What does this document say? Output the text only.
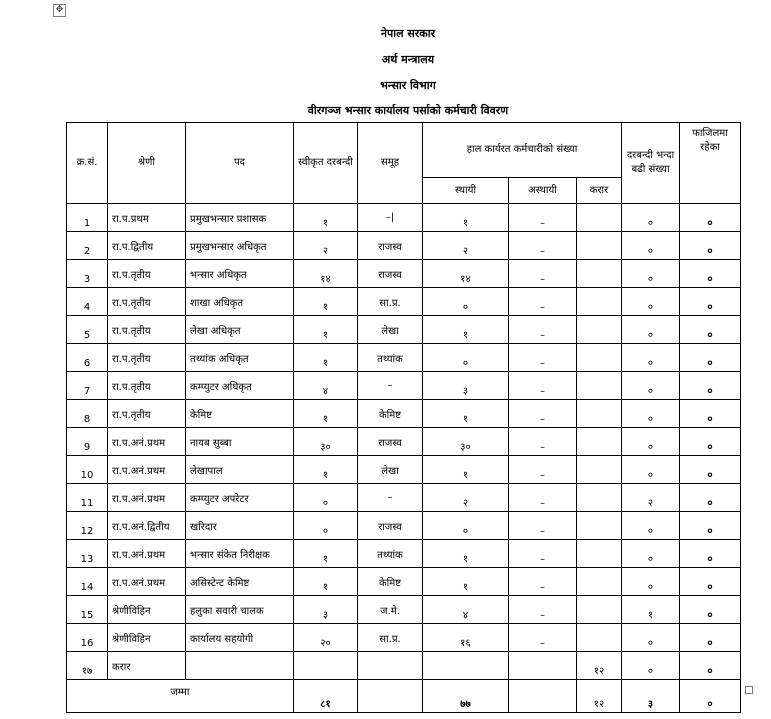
✥
नेपाल सरकार
अर्थ मन्त्रालय
भन्सार विभाग
वीरगञ्ज भन्सार कार्यालय पर्साको कर्मचारी विवरण
क्र.सं.	श्रेणी	पद	स्वीकृत दरबन्दी	समूह	हाल कार्यरत कर्मचारीको संख्या			दरबन्दी भन्दा बढी संख्या	फाजिलमा रहेका
					स्थायी	अस्थायी	करार		
1	रा.प.प्रथम	प्रमुखभन्सार प्रशासक	१	–|	१	–		०	०
2	रा.प.द्वितीय	प्रमुखभन्सार अधिकृत	२	राजस्व	२	–		०	०
3	रा.प.तृतीय	भन्सार अधिकृत	१४	राजस्व	१४	–		०	०
4	रा.प.तृतीय	शाखा अधिकृत	१	सा.प्र.	०	–		०	०
5	रा.प.तृतीय	लेखा अधिकृत	१	लेखा	१	–		०	०
6	रा.प.तृतीय	तथ्यांक अधिकृत	१	तथ्यांक	०	–		०	०
7	रा.प.तृतीय	कम्प्युटर अधिकृत	४	–	३	–		०	०
8	रा.प.तृतीय	केमिष्ट	१	केमिष्ट	१	–		०	०
9	रा.प.अनं.प्रथम	नायब सुब्बा	३०	राजस्व	३०	–		०	०
10	रा.प.अनं.प्रथम	लेखापाल	१	लेखा	१	–		०	०
11	रा.प.अनं.प्रथम	कम्प्युटर अपरेटर	०	–	२	–		२	०
12	रा.प.अनं.द्वितीय	खरिदार	०	राजस्व	०	–		०	०
13	रा.प.अनं.प्रथम	भन्सार संकेत निरीक्षक	१	तथ्यांक	१	–		०	०
14	रा.प.अनं.प्रथम	असिस्टेन्ट केमिष्ट	१	केमिष्ट	१	–		०	०
15	श्रेणीविहिन	हलुका सवारी चालक	३	ज.मे.	४	–		१	०
16	श्रेणीविहिन	कार्यालय सहयोगी	२०	सा.प्र.	१६	–		०	०
१७	करार						१२	०	०
जम्मा			८१		७७		१२	३	०
